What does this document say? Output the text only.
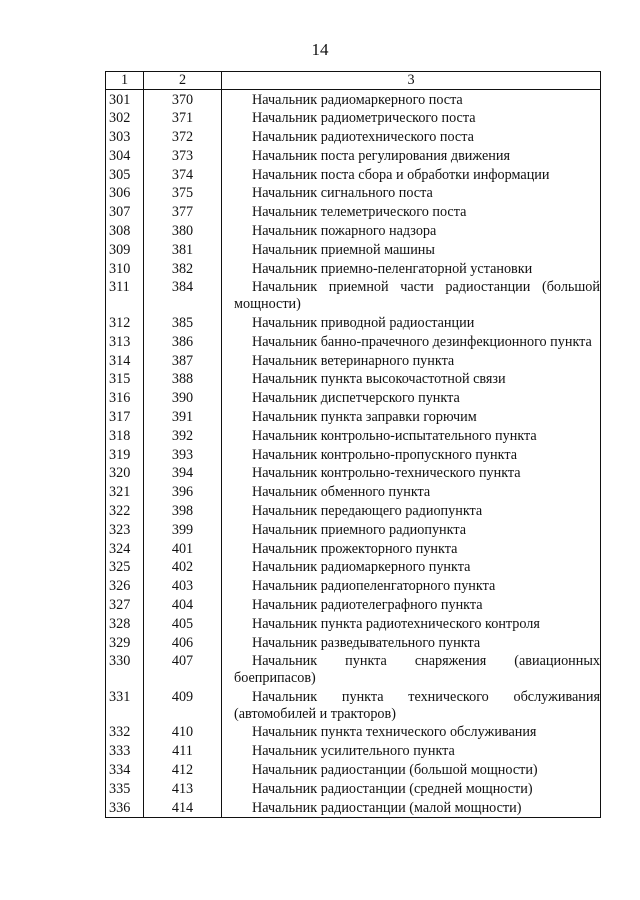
14
1	2	3
301	370	Начальник радиомаркерного поста

302	371	Начальник радиометрического поста

303	372	Начальник радиотехнического поста

304	373	Начальник поста регулирования движения

305	374	Начальник поста сбора и обработки информации

306	375	Начальник сигнального поста

307	377	Начальник телеметрического поста

308	380	Начальник пожарного надзора

309	381	Начальник приемной машины

310	382	Начальник приемно-пеленгаторной установки

311	384	Начальник приемной части радиостанции (большой мощности)

312	385	Начальник приводной радиостанции

313	386	Начальник банно-прачечного дезинфекционного пункта

314	387	Начальник ветеринарного пункта

315	388	Начальник пункта высокочастотной связи

316	390	Начальник диспетчерского пункта

317	391	Начальник пункта заправки горючим

318	392	Начальник контрольно-испытательного пункта

319	393	Начальник контрольно-пропускного пункта

320	394	Начальник контрольно-технического пункта

321	396	Начальник обменного пункта

322	398	Начальник передающего радиопункта

323	399	Начальник приемного радиопункта

324	401	Начальник прожекторного пункта

325	402	Начальник радиомаркерного пункта

326	403	Начальник радиопеленгаторного пункта

327	404	Начальник радиотелеграфного пункта

328	405	Начальник пункта радиотехнического контроля

329	406	Начальник разведывательного пункта

330	407	Начальник пункта снаряжения (авиационных боеприпасов)

331	409	Начальник пункта технического обслуживания (автомобилей и тракторов)

332	410	Начальник пункта технического обслуживания

333	411	Начальник усилительного пункта

334	412	Начальник радиостанции (большой мощности)

335	413	Начальник радиостанции (средней мощности)

336	414	Начальник радиостанции (малой мощности)
